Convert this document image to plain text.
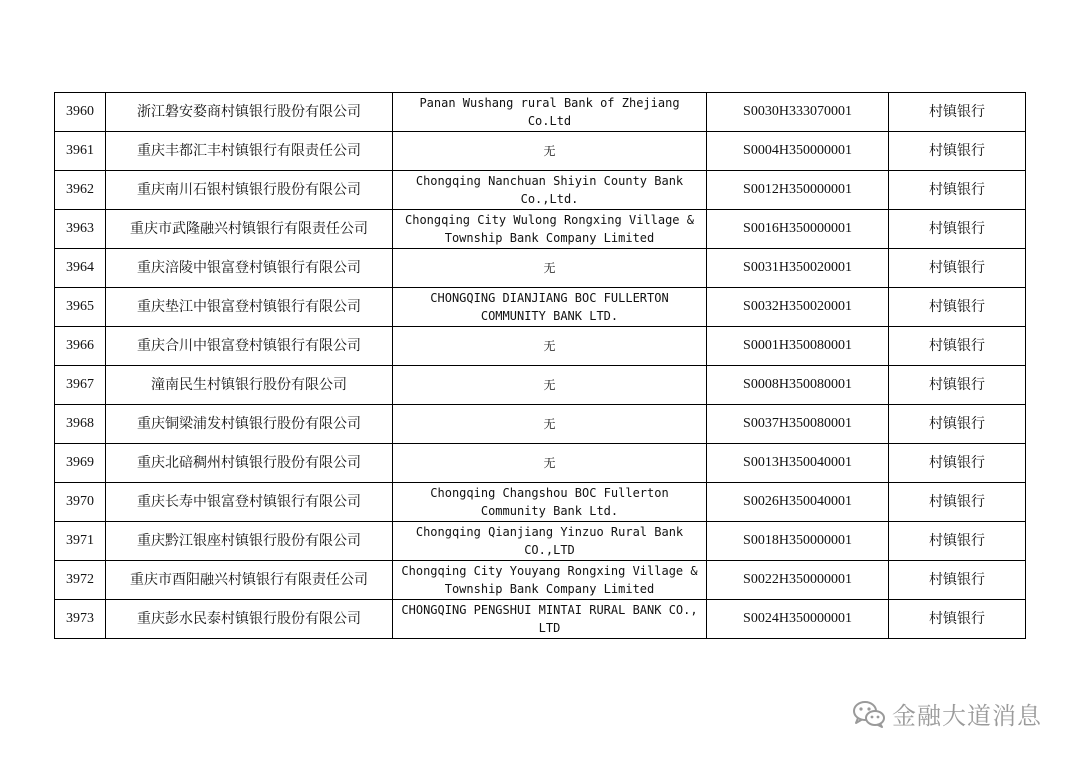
3960	浙江磐安婺商村镇银行股份有限公司	Panan Wushang rural Bank of Zhejiang Co.Ltd	S0030H333070001	村镇银行
3961	重庆丰都汇丰村镇银行有限责任公司	无	S0004H350000001	村镇银行
3962	重庆南川石银村镇银行股份有限公司	Chongqing Nanchuan Shiyin County Bank Co.,Ltd.	S0012H350000001	村镇银行
3963	重庆市武隆融兴村镇银行有限责任公司	Chongqing City Wulong Rongxing Village & Township Bank Company Limited	S0016H350000001	村镇银行
3964	重庆涪陵中银富登村镇银行有限公司	无	S0031H350020001	村镇银行
3965	重庆垫江中银富登村镇银行有限公司	CHONGQING DIANJIANG BOC FULLERTON COMMUNITY BANK LTD.	S0032H350020001	村镇银行
3966	重庆合川中银富登村镇银行有限公司	无	S0001H350080001	村镇银行
3967	潼南民生村镇银行股份有限公司	无	S0008H350080001	村镇银行
3968	重庆铜梁浦发村镇银行股份有限公司	无	S0037H350080001	村镇银行
3969	重庆北碚稠州村镇银行股份有限公司	无	S0013H350040001	村镇银行
3970	重庆长寿中银富登村镇银行有限公司	Chongqing Changshou BOC Fullerton Community Bank Ltd.	S0026H350040001	村镇银行
3971	重庆黔江银座村镇银行股份有限公司	Chongqing Qianjiang Yinzuo Rural Bank CO.,LTD	S0018H350000001	村镇银行
3972	重庆市酉阳融兴村镇银行有限责任公司	Chongqing City Youyang Rongxing Village & Township Bank Company Limited	S0022H350000001	村镇银行
3973	重庆彭水民泰村镇银行股份有限公司	CHONGQING PENGSHUI MINTAI RURAL BANK CO., LTD	S0024H350000001	村镇银行
金融大道消息
